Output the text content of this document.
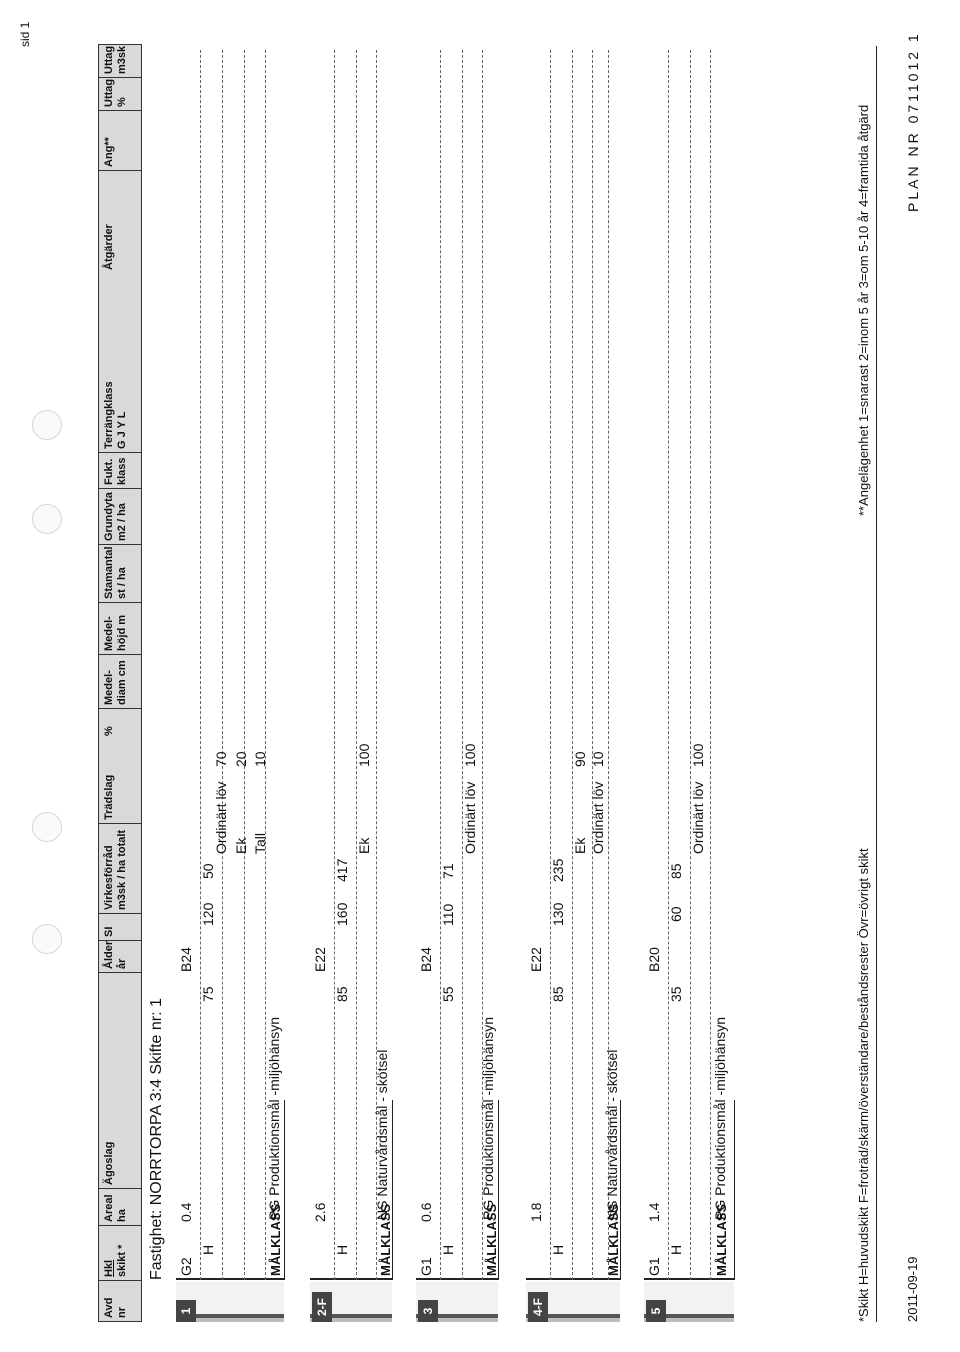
sid 1
Avd nr
Hkl skikt *
Areal ha
Ägoslag
Ålder år
SI
Virkesförråd m3sk / ha totalt
Trädslag
%
Medel- diam cm
Medel- höjd m
Stamantal st / ha
Grundyta m2 / ha
Fukt. klass
Terrängklass G J Y L
Åtgärder
Ang**
Uttag %
Uttag m3sk
Fastighet: NORRTORPA 3:4 Skifte nr: 1
1
G2
0.4
B24
H
75
120
50
Ordinärt löv
70
Ek
20
Tall
10
MÅLKLASS
PG Produktionsmål -miljöhänsyn
2-F
2.6
E22
H
85
160
417
Ek
100
MÅLKLASS
NS Naturvårdsmål - skötsel
3
G1
0.6
B24
H
55
110
71
Ordinärt löv
100
MÅLKLASS
PG Produktionsmål -miljöhänsyn
4-F
1.8
E22
H
85
130
235
Ek
90
Ordinärt löv
10
MÅLKLASS
NS Naturvårdsmål - skötsel
5
G1
1.4
B20
H
35
60
85
Ordinärt löv
100
MÅLKLASS
PG Produktionsmål -miljöhänsyn	*Skikt H=huvudskikt F=froträd/skärm/överständare/beståndsrester Övr=övrigt skikt
**Angelägenhet 1=snarast 2=inom 5 år 3=om 5-10 år 4=framtida åtgärd
2011-09-19
PLAN NR 0711012 1
